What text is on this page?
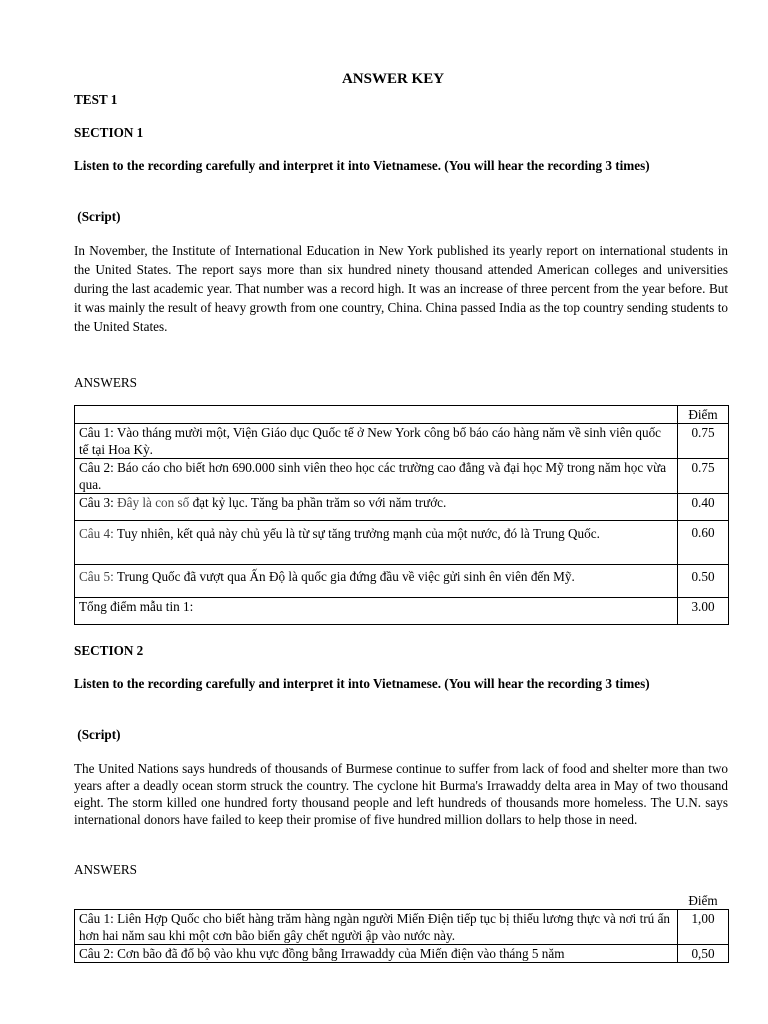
ANSWER KEY
TEST 1
SECTION 1
Listen to the recording carefully and interpret it into Vietnamese. (You will hear the recording 3 times)
(Script)
In November, the Institute of International Education in New York published its yearly report on international students in the United States. The report says more than six hundred ninety thousand attended American colleges and universities during the last academic year. That number was a record high. It was an increase of three percent from the year before. But it was mainly the result of heavy growth from one country, China. China passed India as the top country sending students to the United States.
ANSWERS
	Điểm
Câu 1: Vào tháng mười một, Viện Giáo dục Quốc tế ở New York công bố báo cáo hàng năm về sinh viên quốc tế tại Hoa Kỳ.	0.75
Câu 2: Báo cáo cho biết hơn 690.000 sinh viên theo học các trường cao đẳng và đại học Mỹ trong năm học vừa qua.	0.75
Câu 3: Đây là con số đạt kỷ lục. Tăng ba phần trăm so với năm trước.	0.40
Câu 4: Tuy nhiên, kết quả này chủ yếu là từ sự tăng trưởng mạnh của một nước, đó là Trung Quốc.	0.60
Câu 5: Trung Quốc đã vượt qua Ấn Độ là quốc gia đứng đầu về việc gửi sinh ên viên đến Mỹ.	0.50
Tổng điểm mẫu tin 1:	3.00
SECTION 2
Listen to the recording carefully and interpret it into Vietnamese. (You will hear the recording 3 times)
(Script)
The United Nations says hundreds of thousands of Burmese continue to suffer from lack of food and shelter more than two years after a deadly ocean storm struck the country. The cyclone hit Burma's Irrawaddy delta area in May of two thousand eight. The storm killed one hundred forty thousand people and left hundreds of thousands more homeless. The U.N. says international donors have failed to keep their promise of five hundred million dollars to help those in need.
ANSWERS
	Điểm
Câu 1: Liên Hợp Quốc cho biết hàng trăm hàng ngàn người Miến Điện tiếp tục bị thiếu lương thực và nơi trú ẩn hơn hai năm sau khi một cơn bão biển gây chết người ập vào nước này.	1,00
Câu 2: Cơn bão đã đổ bộ vào khu vực đồng bằng Irrawaddy của Miến điện vào tháng 5 năm	0,50
